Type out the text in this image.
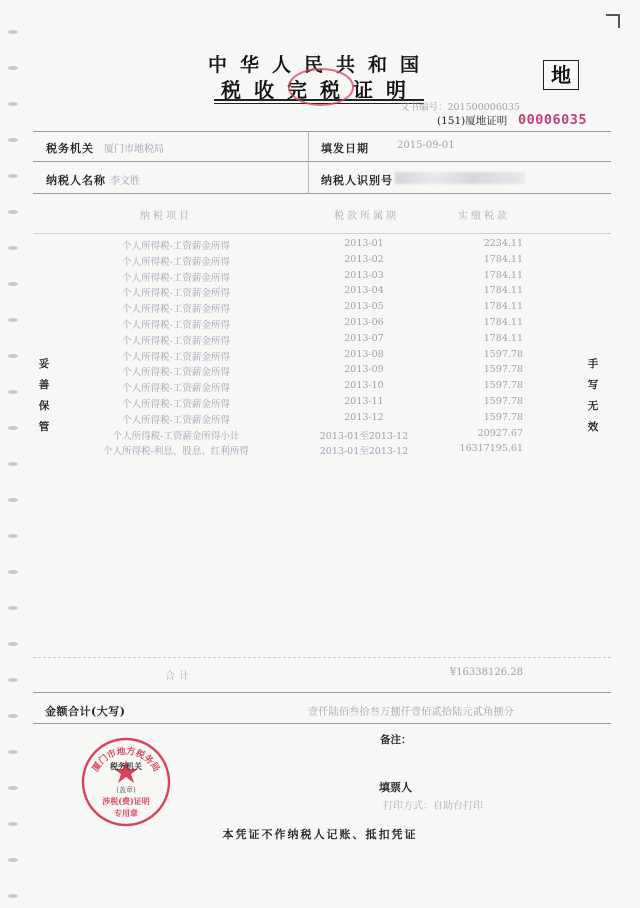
中华人民共和国
税收完税证明
地
文书编号：201500006035
(151)厦地证明 00006035
税务机关 厦门市地税局	填发日期	2015-09-01
纳税人名称 李文胜	纳税人识别号
纳税项目	税款所属期	实缴税款
个人所得税-工资薪金所得	2013-01	2234.11
个人所得税-工资薪金所得	2013-02	1784.11
个人所得税-工资薪金所得	2013-03	1784.11
个人所得税-工资薪金所得	2013-04	1784.11
个人所得税-工资薪金所得	2013-05	1784.11
个人所得税-工资薪金所得	2013-06	1784.11
个人所得税-工资薪金所得	2013-07	1784.11
个人所得税-工资薪金所得	2013-08	1597.78
个人所得税-工资薪金所得	2013-09	1597.78
个人所得税-工资薪金所得	2013-10	1597.78
个人所得税-工资薪金所得	2013-11	1597.78
个人所得税-工资薪金所得	2013-12	1597.78
个人所得税-工资薪金所得小计	2013-01至2013-12	20927.67
个人所得税-利息、股息、红利所得	2013-01至2013-12	16317195.61
妥
善
保
管
手
写
无
效
合计	¥16338126.28
金额合计(大写)	壹仟陆佰叁拾叁万捌仟壹佰贰拾陆元贰角捌分
厦门市地方税务局
税务机关
(盖章)
涉税(费)证明
专用章
备注：
填票人
打印方式：自助台打印
本凭证不作纳税人记账、抵扣凭证
